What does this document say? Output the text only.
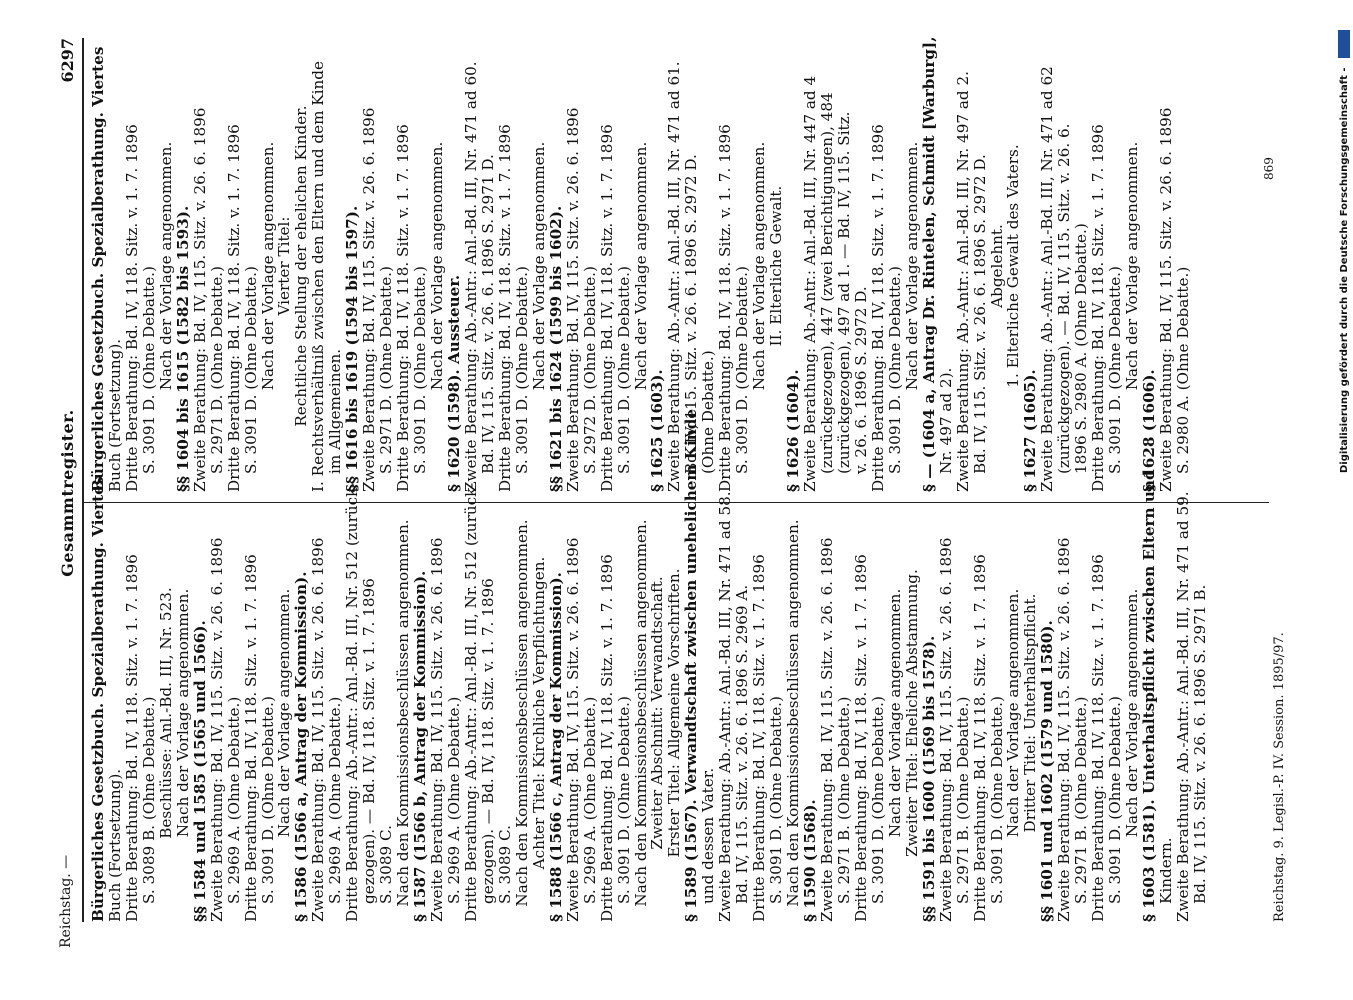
Reichstag. —
Gesammtregister.
6297
Bürgerliches Gesetzbuch. Spezialberathung. Viertes
Buch (Fortsetzung).
Dritte Berathung: Bd. IV, 118. Sitz. v. 1. 7. 1896
S. 3089 B. (Ohne Debatte.)
Beschlüsse: Anl.-Bd. III, Nr. 523.
Nach der Vorlage angenommen.
§§ 1584 und 1585 (1565 und 1566).
Zweite Berathung: Bd. IV, 115. Sitz. v. 26. 6. 1896
S. 2969 A. (Ohne Debatte.)
Dritte Berathung: Bd. IV, 118. Sitz. v. 1. 7. 1896
S. 3091 D. (Ohne Debatte.)
Nach der Vorlage angenommen.
§ 1586 (1566 a, Antrag der Kommission).
Zweite Berathung: Bd. IV, 115. Sitz. v. 26. 6. 1896
S. 2969 A. (Ohne Debatte.)
Dritte Berathung: Ab.-Antr.: Anl.-Bd. III, Nr. 512 (zurück-
gezogen). — Bd. IV, 118. Sitz. v. 1. 7. 1896
S. 3089 C.
Nach den Kommissionsbeschlüssen angenommen.
§ 1587 (1566 b, Antrag der Kommission).
Zweite Berathung: Bd. IV, 115. Sitz. v. 26. 6. 1896
S. 2969 A. (Ohne Debatte.)
Dritte Berathung: Ab.-Antr.: Anl.-Bd. III, Nr. 512 (zurück-
gezogen). — Bd. IV, 118. Sitz. v. 1. 7. 1896
S. 3089 C.
Nach den Kommissionsbeschlüssen angenommen.
Achter Titel: Kirchliche Verpflichtungen.
§ 1588 (1566 c, Antrag der Kommission).
Zweite Berathung: Bd. IV, 115. Sitz. v. 26. 6. 1896
S. 2969 A. (Ohne Debatte.)
Dritte Berathung: Bd. IV, 118. Sitz. v. 1. 7. 1896
S. 3091 D. (Ohne Debatte.)
Nach den Kommissionsbeschlüssen angenommen.
Zweiter Abschnitt: Verwandtschaft.
Erster Titel: Allgemeine Vorschriften.
§ 1589 (1567). Verwandtschaft zwischen unehelichem Kinde
und dessen Vater.
Zweite Berathung: Ab.-Antr.: Anl.-Bd. III, Nr. 471 ad 58.
Bd. IV, 115. Sitz. v. 26. 6. 1896 S. 2969 A.
Dritte Berathung: Bd. IV, 118. Sitz. v. 1. 7. 1896
S. 3091 D. (Ohne Debatte.)
Nach den Kommissionsbeschlüssen angenommen.
§ 1590 (1568).
Zweite Berathung: Bd. IV, 115. Sitz. v. 26. 6. 1896
S. 2971 B. (Ohne Debatte.)
Dritte Berathung: Bd. IV, 118. Sitz. v. 1. 7. 1896
S. 3091 D. (Ohne Debatte.)
Nach der Vorlage angenommen.
Zweiter Titel: Eheliche Abstammung.
§§ 1591 bis 1600 (1569 bis 1578).
Zweite Berathung: Bd. IV, 115. Sitz. v. 26. 6. 1896
S. 2971 B. (Ohne Debatte.)
Dritte Berathung: Bd. IV, 118. Sitz. v. 1. 7. 1896
S. 3091 D. (Ohne Debatte.)
Nach der Vorlage angenommen.
Dritter Titel: Unterhaltspflicht.
§§ 1601 und 1602 (1579 und 1580).
Zweite Berathung: Bd. IV, 115. Sitz. v. 26. 6. 1896
S. 2971 B. (Ohne Debatte.)
Dritte Berathung: Bd. IV, 118. Sitz. v. 1. 7. 1896
S. 3091 D. (Ohne Debatte.)
Nach der Vorlage angenommen.
§ 1603 (1581). Unterhaltspflicht zwischen Eltern und
Kindern.
Zweite Berathung: Ab.-Antr.: Anl.-Bd. III, Nr. 471 ad 59.
Bd. IV, 115. Sitz. v. 26. 6. 1896 S. 2971 B.
Bürgerliches Gesetzbuch. Spezialberathung. Viertes
Buch (Fortsetzung).
Dritte Berathung: Bd. IV, 118. Sitz. v. 1. 7. 1896
S. 3091 D. (Ohne Debatte.)
Nach der Vorlage angenommen.
§§ 1604 bis 1615 (1582 bis 1593).
Zweite Berathung: Bd. IV, 115. Sitz. v. 26. 6. 1896
S. 2971 D. (Ohne Debatte.)
Dritte Berathung: Bd. IV, 118. Sitz. v. 1. 7. 1896
S. 3091 D. (Ohne Debatte.)
Nach der Vorlage angenommen.
Vierter Titel:
Rechtliche Stellung der ehelichen Kinder.
I. Rechtsverhältniß zwischen den Eltern und dem Kinde
im Allgemeinen.
§§ 1616 bis 1619 (1594 bis 1597).
Zweite Berathung: Bd. IV, 115. Sitz. v. 26. 6. 1896
S. 2971 D. (Ohne Debatte.)
Dritte Berathung: Bd. IV, 118. Sitz. v. 1. 7. 1896
S. 3091 D. (Ohne Debatte.)
Nach der Vorlage angenommen.
§ 1620 (1598). Aussteuer.
Zweite Berathung: Ab.-Antr.: Anl.-Bd. III, Nr. 471 ad 60.
Bd. IV, 115. Sitz. v. 26. 6. 1896 S. 2971 D.
Dritte Berathung: Bd. IV, 118. Sitz. v. 1. 7. 1896
S. 3091 D. (Ohne Debatte.)
Nach der Vorlage angenommen.
§§ 1621 bis 1624 (1599 bis 1602).
Zweite Berathung: Bd. IV, 115. Sitz. v. 26. 6. 1896
S. 2972 D. (Ohne Debatte.)
Dritte Berathung: Bd. IV, 118. Sitz. v. 1. 7. 1896
S. 3091 D. (Ohne Debatte.)
Nach der Vorlage angenommen.
§ 1625 (1603).
Zweite Berathung: Ab.-Antr.: Anl.-Bd. III, Nr. 471 ad 61.
Bd. IV, 115. Sitz. v. 26. 6. 1896 S. 2972 D.
(Ohne Debatte.)
Dritte Berathung: Bd. IV, 118. Sitz. v. 1. 7. 1896
S. 3091 D. (Ohne Debatte.)
Nach der Vorlage angenommen.
II. Elterliche Gewalt.
§ 1626 (1604).
Zweite Berathung: Ab.-Antr.: Anl.-Bd. III, Nr. 447 ad 4
(zurückgezogen), 447 (zwei Berichtigungen), 484
(zurückgezogen), 497 ad 1. — Bd. IV, 115. Sitz.
v. 26. 6. 1896 S. 2972 D.
Dritte Berathung: Bd. IV, 118. Sitz. v. 1. 7. 1896
S. 3091 D. (Ohne Debatte.)
Nach der Vorlage angenommen.
§ — (1604 a, Antrag Dr. Rintelen, Schmidt [Warburg],
Nr. 497 ad 2).
Zweite Berathung: Ab.-Antr.: Anl.-Bd. III, Nr. 497 ad 2.
Bd. IV, 115. Sitz. v. 26. 6. 1896 S. 2972 D.
Abgelehnt.
1. Elterliche Gewalt des Vaters.
§ 1627 (1605).
Zweite Berathung: Ab.-Antr.: Anl.-Bd. III, Nr. 471 ad 62
(zurückgezogen). — Bd. IV, 115. Sitz. v. 26. 6.
1896 S. 2980 A. (Ohne Debatte.)
Dritte Berathung: Bd. IV, 118. Sitz. v. 1. 7. 1896
S. 3091 D. (Ohne Debatte.)
Nach der Vorlage angenommen.
§ 1628 (1606).
Zweite Berathung: Bd. IV, 115. Sitz. v. 26. 6. 1896
S. 2980 A. (Ohne Debatte.)
869
Reichstag. 9. Legisl.-P. IV. Session. 1895/97.
Digitalisierung gefördert durch die Deutsche Forschungsgemeinschaft -
